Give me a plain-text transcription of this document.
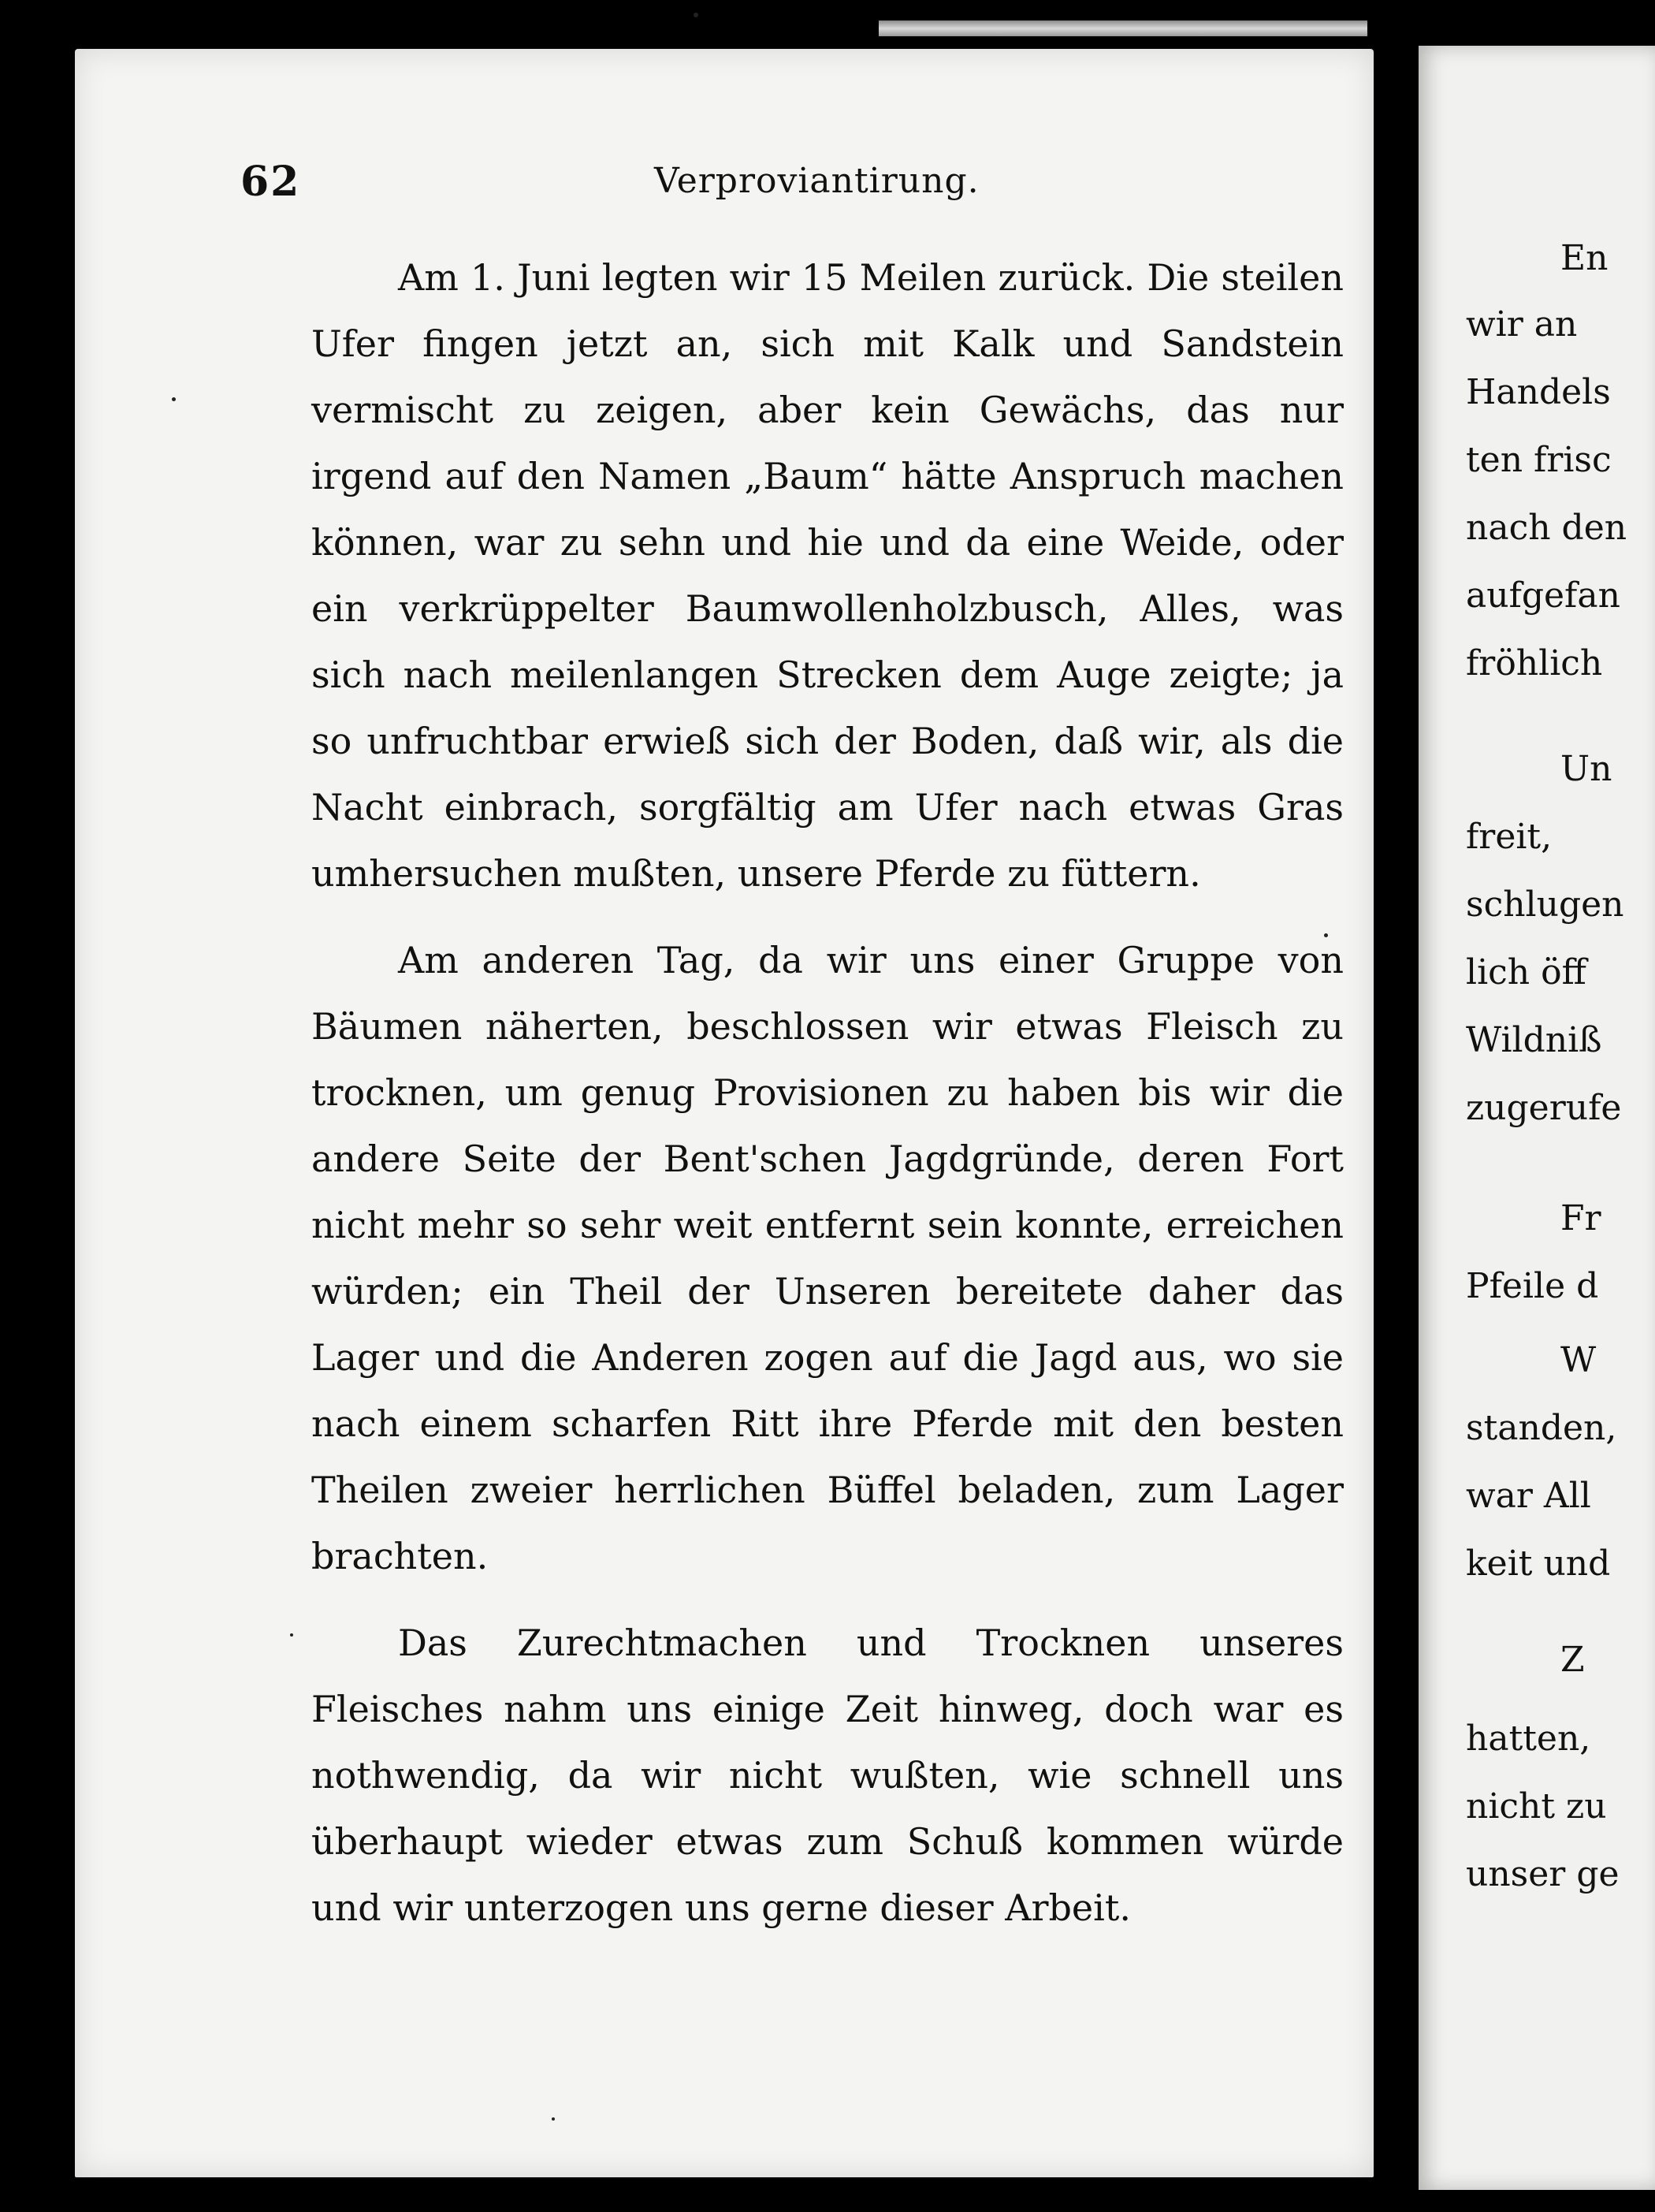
62	Verproviantirung.

Am 1. Juni legten wir 15 Meilen zurück. Die steilen Ufer fingen jetzt an, sich mit Kalk und Sandstein vermischt zu zeigen, aber kein Gewächs, das nur irgend auf den Namen „Baum“ hätte Anspruch machen können, war zu sehn und hie und da eine Weide, oder ein verkrüppelter Baumwollenholzbusch, Alles, was sich nach meilenlangen Strecken dem Auge zeigte; ja so unfruchtbar erwieß sich der Boden, daß wir, als die Nacht einbrach, sorgfältig am Ufer nach etwas Gras umhersuchen mußten, unsere Pferde zu füttern.

Am anderen Tag, da wir uns einer Gruppe von Bäumen näherten, beschlossen wir etwas Fleisch zu trocknen, um genug Provisionen zu haben bis wir die andere Seite der Bent'schen Jagdgründe, deren Fort nicht mehr so sehr weit entfernt sein konnte, erreichen würden; ein Theil der Unseren bereitete daher das Lager und die Anderen zogen auf die Jagd aus, wo sie nach einem scharfen Ritt ihre Pferde mit den besten Theilen zweier herrlichen Büffel beladen, zum Lager brachten.

Das Zurechtmachen und Trocknen unseres Fleisches nahm uns einige Zeit hinweg, doch war es nothwendig, da wir nicht wußten, wie schnell uns überhaupt wieder etwas zum Schuß kommen würde und wir unterzogen uns gerne dieser Arbeit.

En
wir an
Handels
ten frisc
nach den
aufgefan
fröhlich
Un
freit,
schlugen
lich öff
Wildniß
zugerufe
Fr
Pfeile d
W
standen,
war All
keit und
Z
hatten,
nicht zu
unser ge
